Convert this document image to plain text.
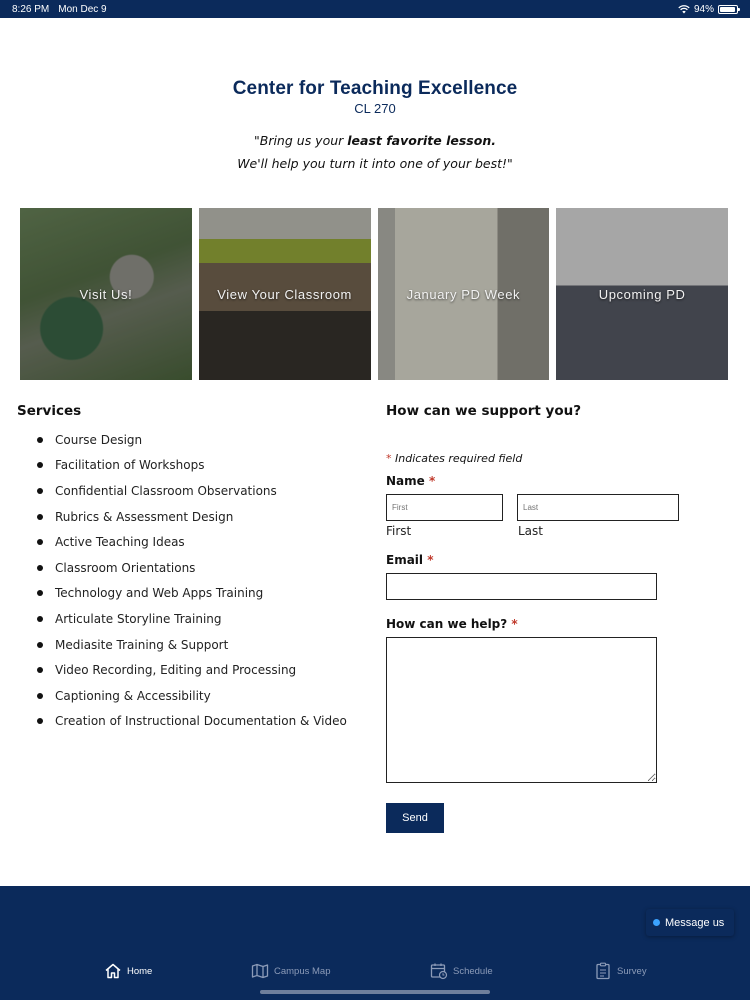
8:26 PM Mon Dec 9	94%
Center for Teaching Excellence
CL 270
"Bring us your least favorite lesson.
We'll help you turn it into one of your best!"
Visit Us!	View Your Classroom	January PD Week	Upcoming PD
Services
Course Design
Facilitation of Workshops
Confidential Classroom Observations
Rubrics & Assessment Design
Active Teaching Ideas
Classroom Orientations
Technology and Web Apps Training
Articulate Storyline Training
Mediasite Training & Support
Video Recording, Editing and Processing
Captioning & Accessibility
Creation of Instructional Documentation & Video
How can we support you?
* Indicates required field
Name *
First
Last
First	Last
Email *
How can we help? *
Send
Message us
Home	Campus Map	Schedule	Survey
